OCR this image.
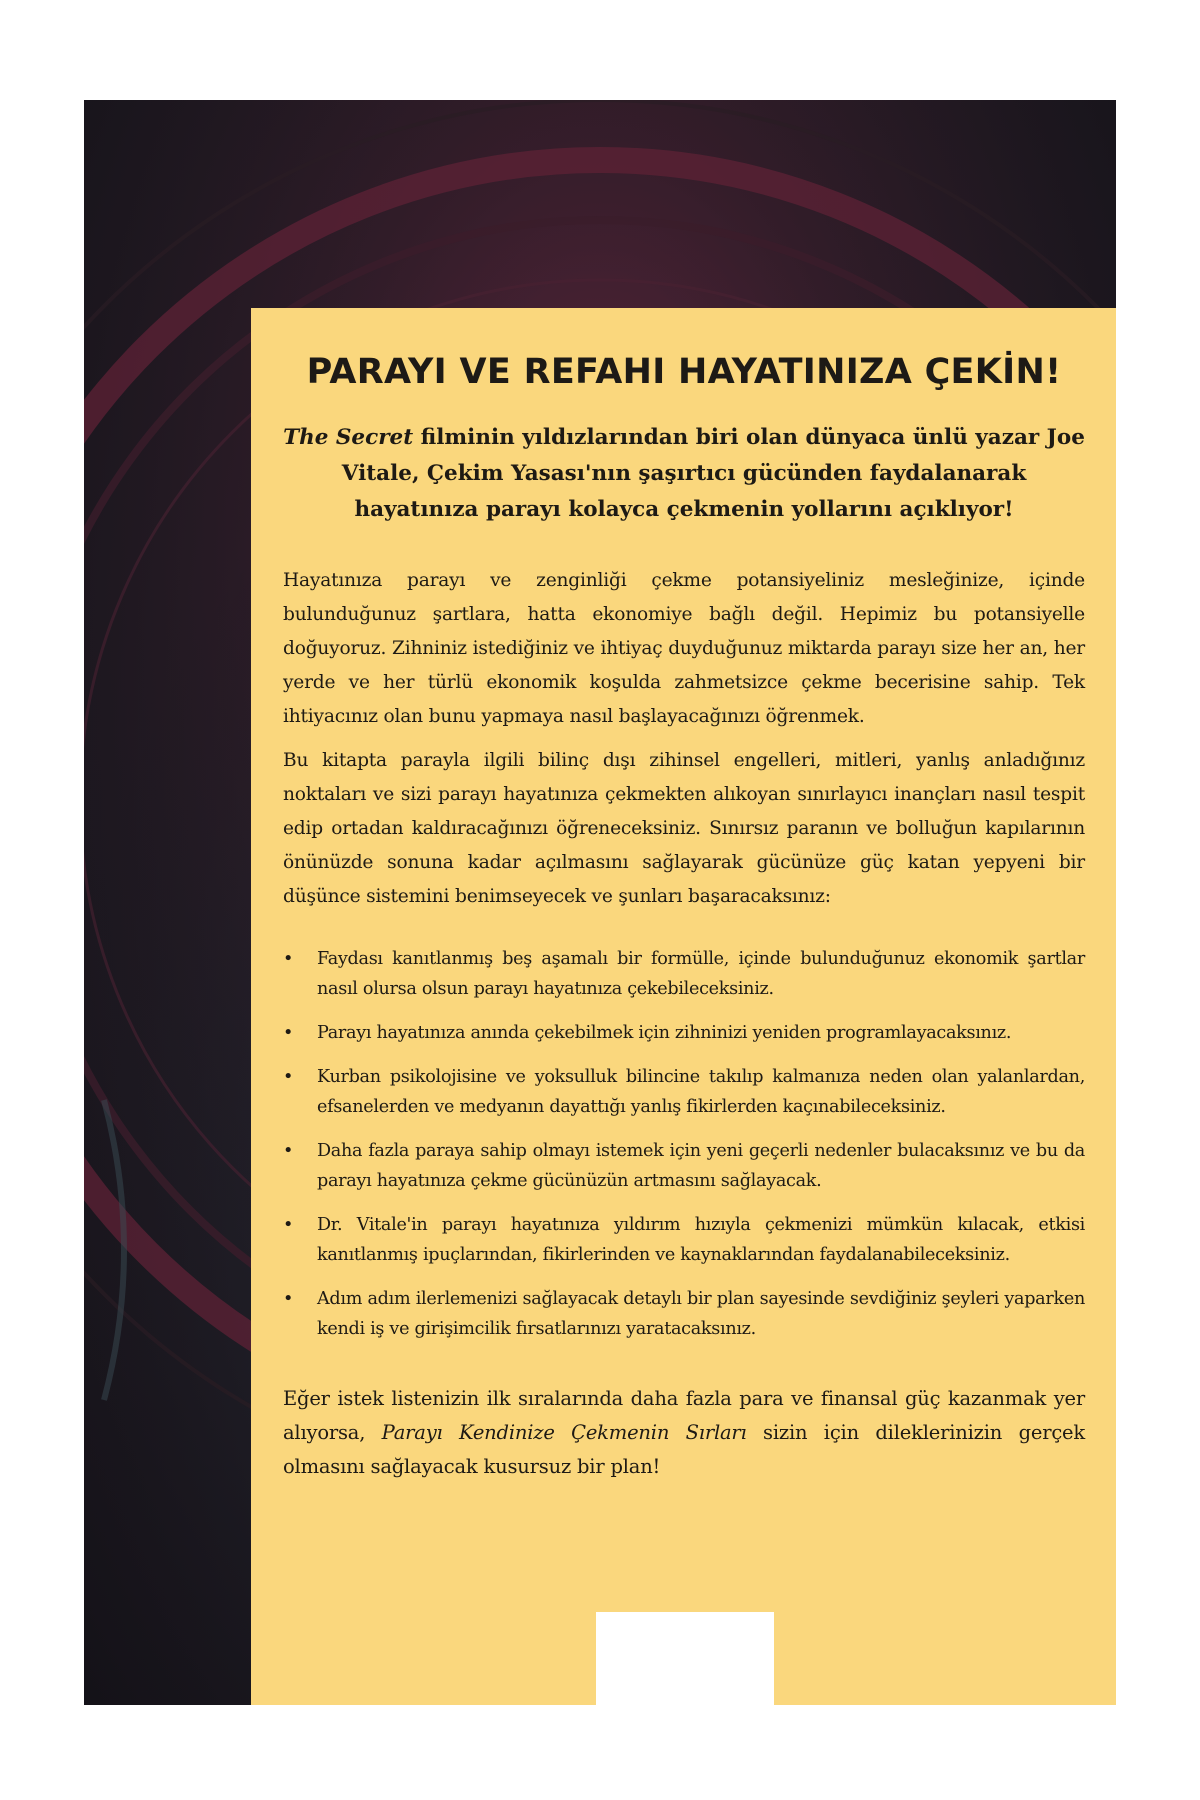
PARAYI VE REFAHI HAYATINIZA ÇEKİN!

The Secret filminin yıldızlarından biri olan dünyaca ünlü yazar Joe Vitale, Çekim Yasası'nın şaşırtıcı gücünden faydalanarak hayatınıza parayı kolayca çekmenin yollarını açıklıyor!

Hayatınıza parayı ve zenginliği çekme potansiyeliniz mesleğinize, içinde bulunduğunuz şartlara, hatta ekonomiye bağlı değil. Hepimiz bu potansiyelle doğuyoruz. Zihniniz istediğiniz ve ihtiyaç duyduğunuz miktarda parayı size her an, her yerde ve her türlü ekonomik koşulda zahmetsizce çekme becerisine sahip. Tek ihtiyacınız olan bunu yapmaya nasıl başlayacağınızı öğrenmek.

Bu kitapta parayla ilgili bilinç dışı zihinsel engelleri, mitleri, yanlış anladığınız noktaları ve sizi parayı hayatınıza çekmekten alıkoyan sınırlayıcı inançları nasıl tespit edip ortadan kaldıracağınızı öğreneceksiniz. Sınırsız paranın ve bolluğun kapılarının önünüzde sonuna kadar açılmasını sağlayarak gücünüze güç katan yepyeni bir düşünce sistemini benimseyecek ve şunları başaracaksınız:

• Faydası kanıtlanmış beş aşamalı bir formülle, içinde bulunduğunuz ekonomik şartlar nasıl olursa olsun parayı hayatınıza çekebileceksiniz.
• Parayı hayatınıza anında çekebilmek için zihninizi yeniden programlayacaksınız.
• Kurban psikolojisine ve yoksulluk bilincine takılıp kalmanıza neden olan yalanlardan, efsanelerden ve medyanın dayattığı yanlış fikirlerden kaçınabileceksiniz.
• Daha fazla paraya sahip olmayı istemek için yeni geçerli nedenler bulacaksınız ve bu da parayı hayatınıza çekme gücünüzün artmasını sağlayacak.
• Dr. Vitale'in parayı hayatınıza yıldırım hızıyla çekmenizi mümkün kılacak, etkisi kanıtlanmış ipuçlarından, fikirlerinden ve kaynaklarından faydalanabileceksiniz.
• Adım adım ilerlemenizi sağlayacak detaylı bir plan sayesinde sevdiğiniz şeyleri yaparken kendi iş ve girişimcilik fırsatlarınızı yaratacaksınız.

Eğer istek listenizin ilk sıralarında daha fazla para ve finansal güç kazanmak yer alıyorsa, Parayı Kendinize Çekmenin Sırları sizin için dileklerinizin gerçek olmasını sağlayacak kusursuz bir plan!
